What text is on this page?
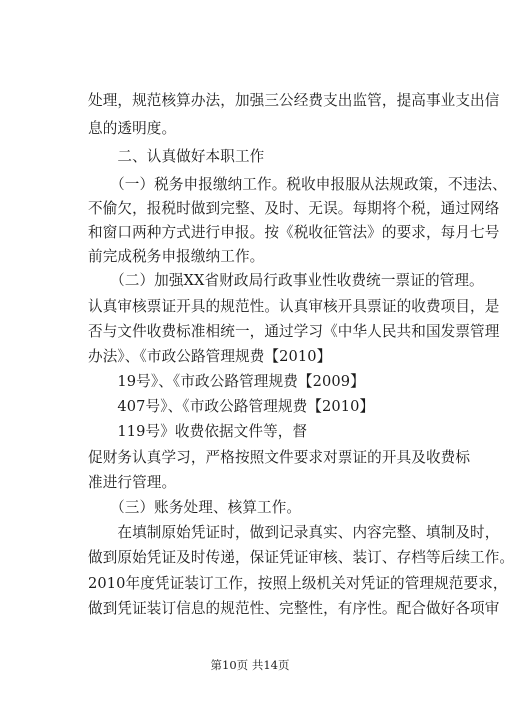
处理，规范核算办法，加强三公经费支出监管，提高事业支出信
息的透明度。
　　二、认真做好本职工作
　　（一）税务申报缴纳工作。税收申报服从法规政策，不违法、
不偷欠，报税时做到完整、及时、无误。每期将个税，通过网络
和窗口两种方式进行申报。按《税收征管法》的要求，每月七号
前完成税务申报缴纳工作。
　　（二）加强XX省财政局行政事业性收费统一票证的管理。
认真审核票证开具的规范性。认真审核开具票证的收费项目，是
否与文件收费标准相统一，通过学习《中华人民共和国发票管理
办法》、《市政公路管理规费【2010】
　　19号》、《市政公路管理规费【2009】
　　407号》、《市政公路管理规费【2010】
　　119号》收费依据文件等，督
促财务认真学习，严格按照文件要求对票证的开具及收费标
准进行管理。
　　（三）账务处理、核算工作。
　　在填制原始凭证时，做到记录真实、内容完整、填制及时，
做到原始凭证及时传递，保证凭证审核、装订、存档等后续工作。
2010年度凭证装订工作，按照上级机关对凭证的管理规范要求，
做到凭证装订信息的规范性、完整性，有序性。配合做好各项审
第10页 共14页
